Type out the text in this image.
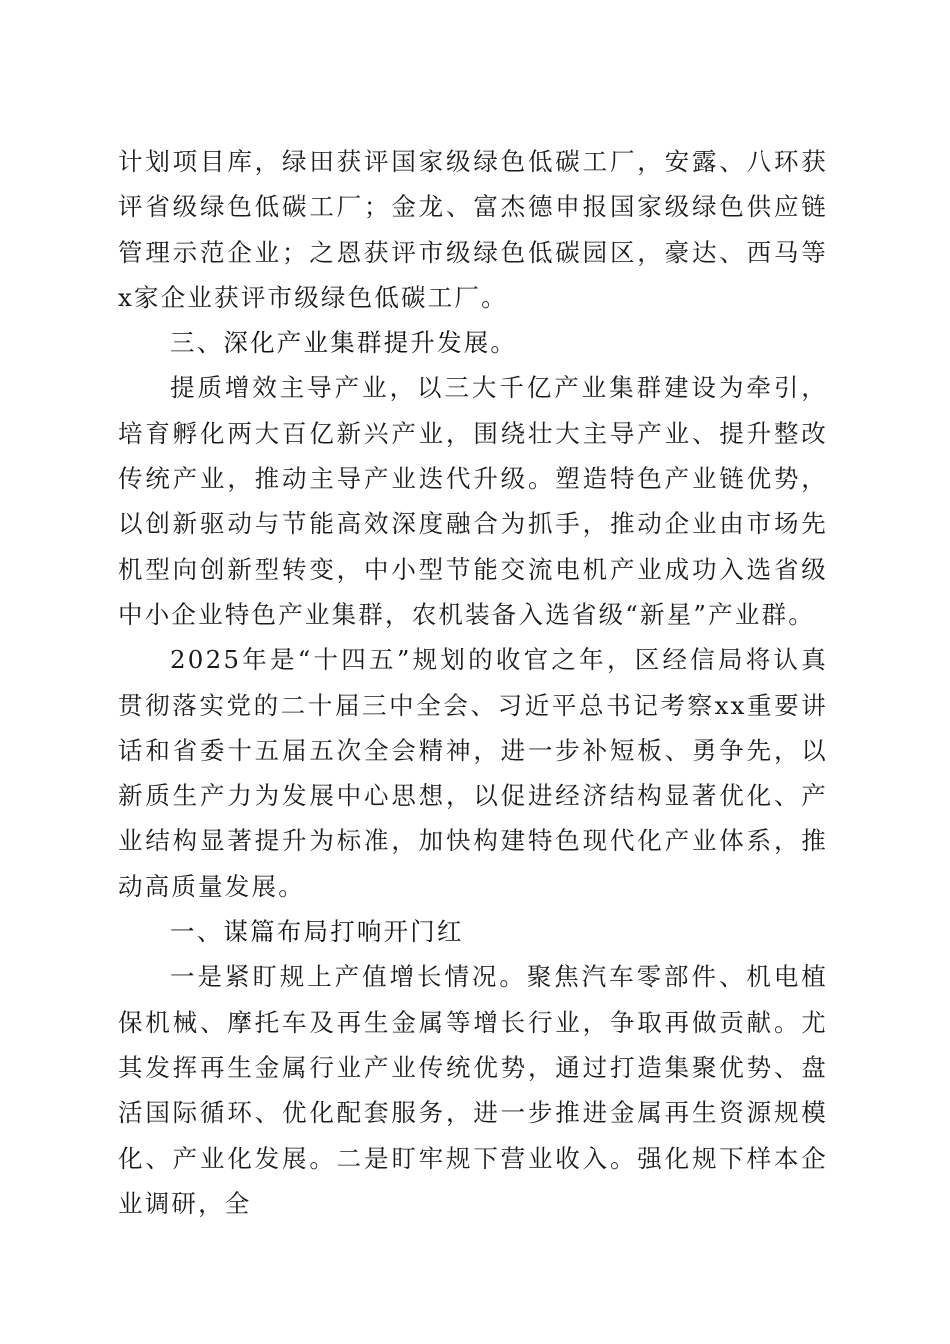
计划项目库，绿田获评国家级绿色低碳工厂，安露、八环获评省级绿色低碳工厂；金龙、富杰德申报国家级绿色供应链管理示范企业；之恩获评市级绿色低碳园区，豪达、西马等x家企业获评市级绿色低碳工厂。

三、深化产业集群提升发展。

提质增效主导产业，以三大千亿产业集群建设为牵引，培育孵化两大百亿新兴产业，围绕壮大主导产业、提升整改传统产业，推动主导产业迭代升级。塑造特色产业链优势，以创新驱动与节能高效深度融合为抓手，推动企业由市场先机型向创新型转变，中小型节能交流电机产业成功入选省级中小企业特色产业集群，农机装备入选省级“新星”产业群。

2025年是“十四五”规划的收官之年，区经信局将认真贯彻落实党的二十届三中全会、习近平总书记考察xx重要讲话和省委十五届五次全会精神，进一步补短板、勇争先，以新质生产力为发展中心思想，以促进经济结构显著优化、产业结构显著提升为标准，加快构建特色现代化产业体系，推动高质量发展。

一、谋篇布局打响开门红

一是紧盯规上产值增长情况。聚焦汽车零部件、机电植保机械、摩托车及再生金属等增长行业，争取再做贡献。尤其发挥再生金属行业产业传统优势，通过打造集聚优势、盘活国际循环、优化配套服务，进一步推进金属再生资源规模化、产业化发展。二是盯牢规下营业收入。强化规下样本企业调研，全
